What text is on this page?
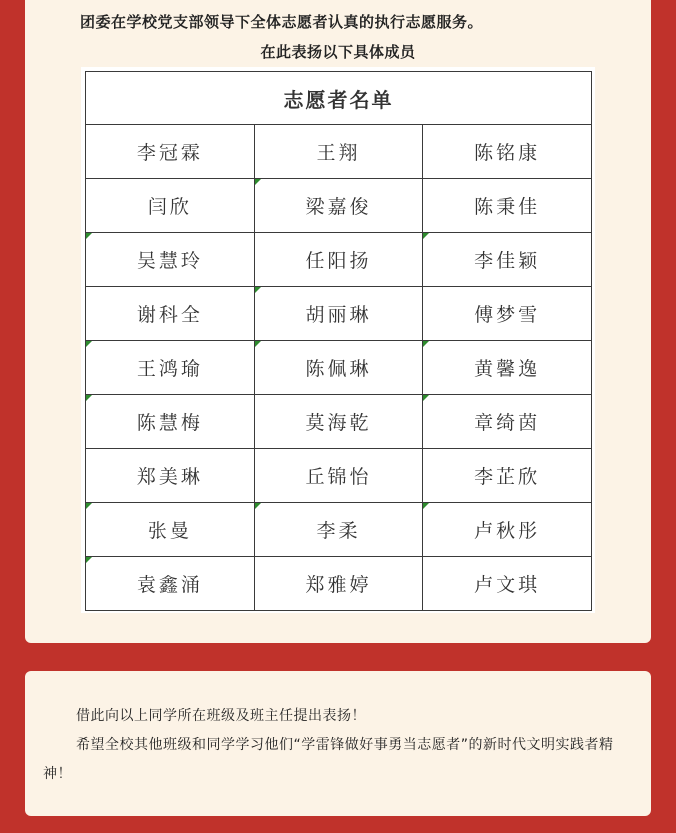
团委在学校党支部领导下全体志愿者认真的执行志愿服务。
在此表扬以下具体成员
志愿者名单		
李冠霖	王翔	陈铭康
闫欣	梁嘉俊	陈秉佳

吴慧玲	任阳扬	李佳颖
谢科全	胡丽琳	傅梦雪

王鸿瑜	陈佩琳	黄馨逸

陈慧梅	莫海乾	章绮茵
郑美琳	丘锦怡	李芷欣

张曼	李柔	卢秋彤

袁鑫涌	郑雅婷	卢文琪

借此向以上同学所在班级及班主任提出表扬！

希望全校其他班级和同学学习他们“学雷锋做好事勇当志愿者”的新时代文明实践者精神！
